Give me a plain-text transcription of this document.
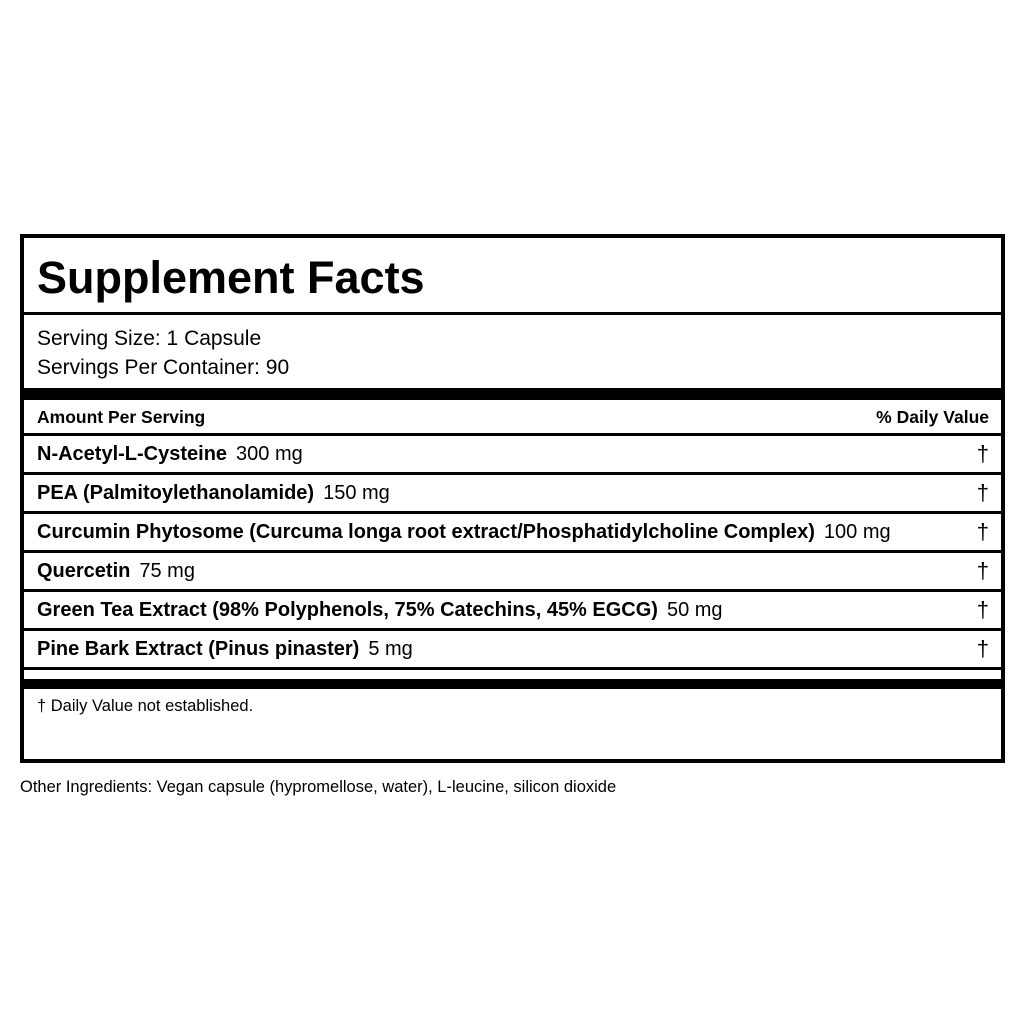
Supplement Facts
Serving Size: 1 Capsule
Servings Per Container: 90
Amount Per Serving	% Daily Value
N-Acetyl-L-Cysteine 300 mg	†
PEA (Palmitoylethanolamide) 150 mg	†
Curcumin Phytosome (Curcuma longa root extract/Phosphatidylcholine Complex) 100 mg	†
Quercetin 75 mg	†
Green Tea Extract (98% Polyphenols, 75% Catechins, 45% EGCG) 50 mg	†
Pine Bark Extract (Pinus pinaster) 5 mg	†
† Daily Value not established.
Other Ingredients: Vegan capsule (hypromellose, water), L-leucine, silicon dioxide
